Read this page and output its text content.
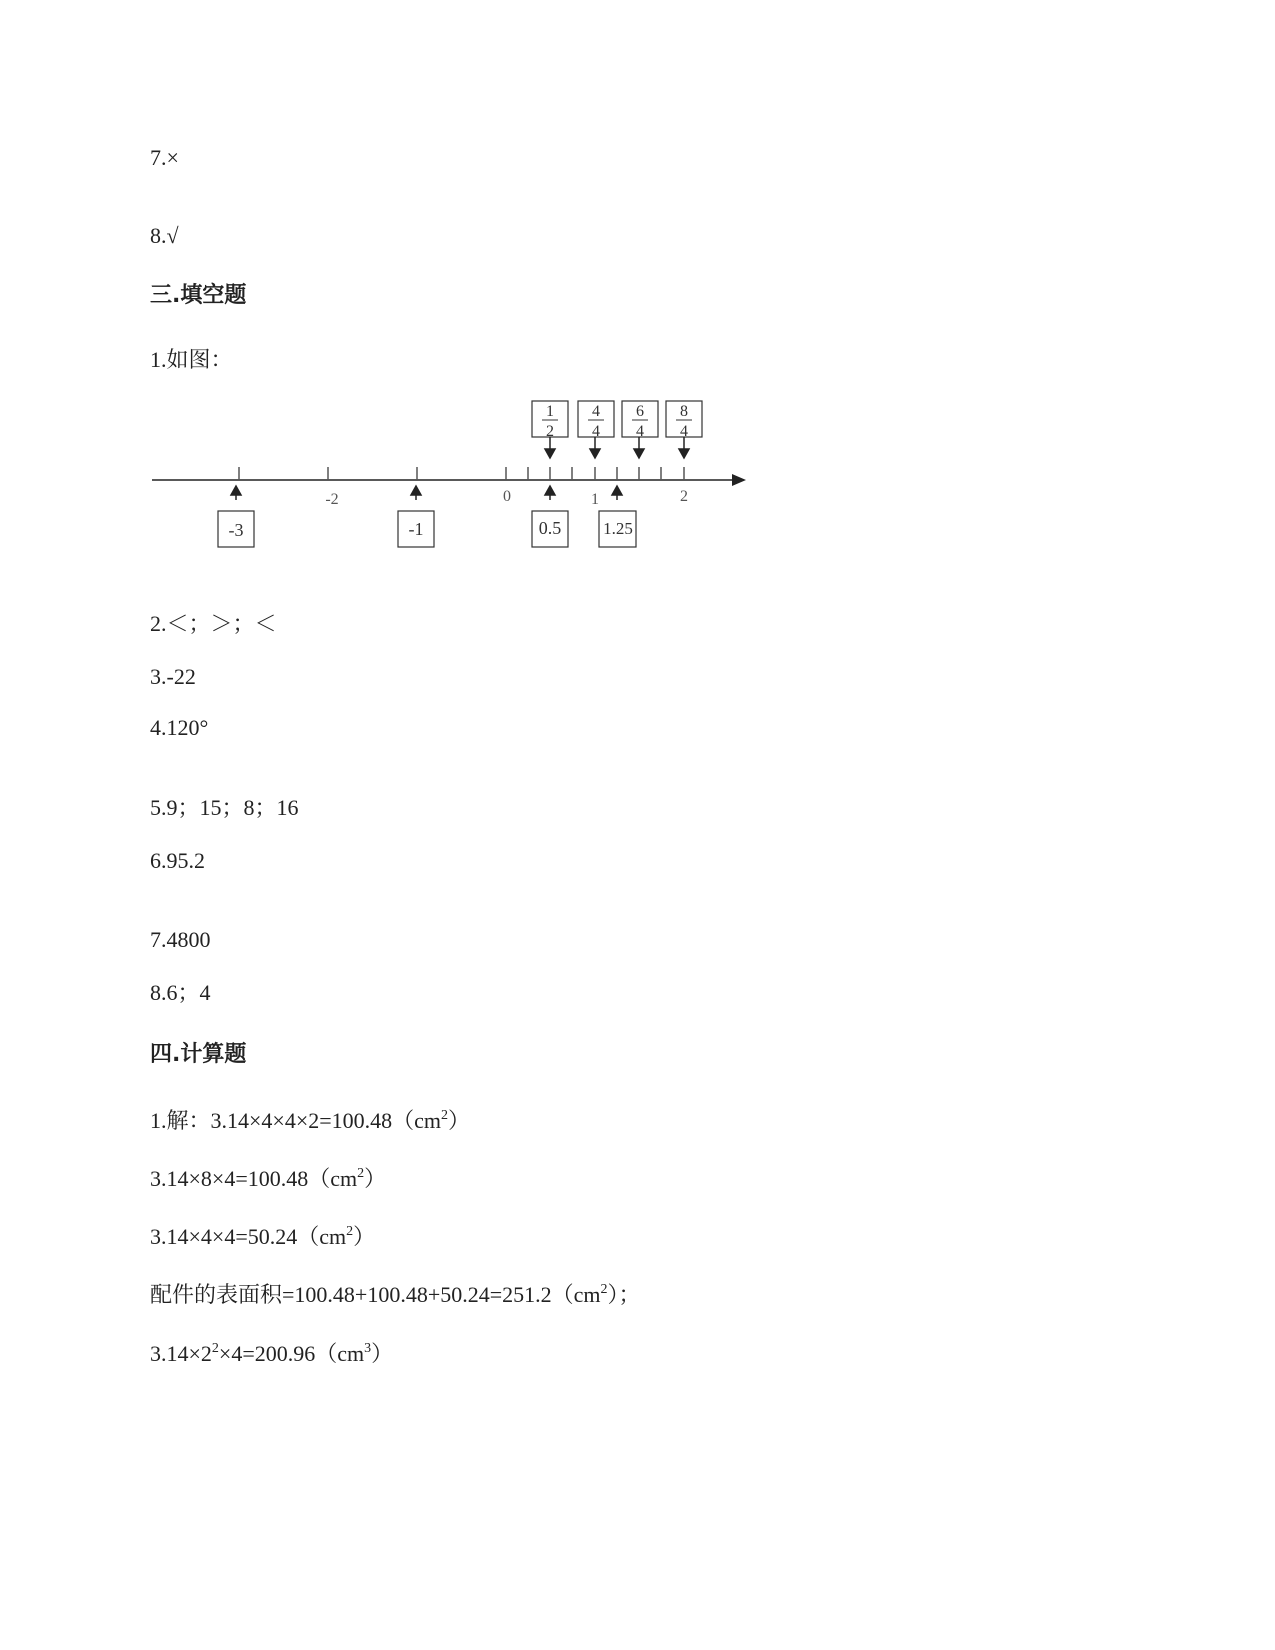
7.×
8.√
三.填空题
1.如图：
-2	0	1	2
-3	-1	0.5 1.25
1
2
4
4
6
4
8
4
2.＜；＞；＜
3.-22
4.120°
5.9；15；8；16
6.95.2
7.4800
8.6；4
四.计算题
1.解：$3.14\times 4\times 4\times 2=100.48(cm^2)$
$3.14\times 8\times 4=100.48(cm^2)$
$3.14\times 4\times 4=50.24(cm^2)$
配件的表面积$=100.48+100.48+50.24=251.2(cm^2)$；
$3.14\times 2^2\times 4=200.96(cm^3)$
